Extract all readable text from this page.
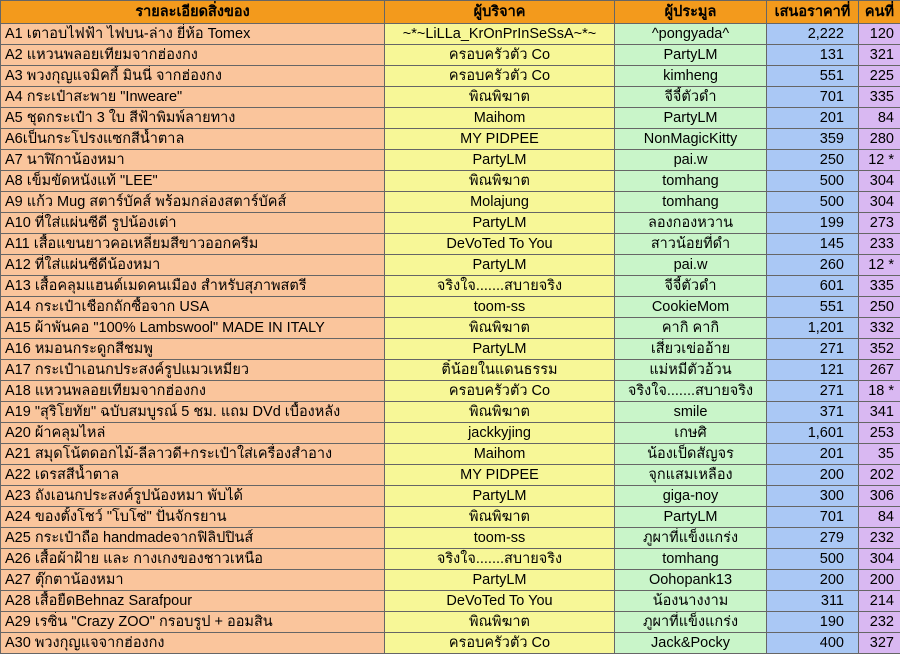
รายละเอียดสิ่งของ	ผู้บริจาค	ผู้ประมูล	เสนอราคาที่	คนที่
A1 เตาอบไฟฟ้า ไฟบน-ล่าง ยี่ห้อ Tomex	~*~LiLLa_KrOnPrInSeSsA~*~	^pongyada^	2,222	120
A2 แหวนพลอยเทียมจากฮ่องกง	ครอบครัวตัว Co	PartyLM	131	321
A3 พวงกุญแจมิคกี้ มินนี่ จากฮ่องกง	ครอบครัวตัว Co	kimheng	551	225
A4 กระเป๋าสะพาย "Inweare"	พิณพิฆาต	จีจี้ตัวดำ	701	335
A5 ชุดกระเป๋า 3 ใบ สีฟ้าพิมพ์ลายทาง	Maihom	PartyLM	201	84
A6เป็นกระโปรงแซกสีน้ำตาล	MY PIDPEE	NonMagicKitty	359	280
A7 นาฬิกาน้องหมา	PartyLM	pai.w	250	12 *
A8 เข็มขัดหนังแท้ "LEE"	พิณพิฆาต	tomhang	500	304
A9 แก้ว Mug สตาร์บัคส์ พร้อมกล่องสตาร์บัคส์	Molajung	tomhang	500	304
A10 ที่ใส่แผ่นซีดี รูปน้องเต่า	PartyLM	ลองกองหวาน	199	273
A11 เสื้อแขนยาวคอเหลี่ยมสีขาวออกครีม	DeVoTed To You	สาวน้อยที่ดำ	145	233
A12 ที่ใส่แผ่นซีดีน้องหมา	PartyLM	pai.w	260	12 *
A13 เสื้อคลุมแฮนด์เมดคนเมือง สำหรับสุภาพสตรี	จริงใจ.......สบายจริง	จีจี้ตัวดำ	601	335
A14 กระเป๋าเชือกถักซื้อจาก USA	toom-ss	CookieMom	551	250
A15 ผ้าพันคอ "100% Lambswool" MADE IN ITALY	พิณพิฆาต	คากิ คากิ	1,201	332
A16 หมอนกระดูกสีชมพู	PartyLM	เสี่ยวเข่ออ้าย	271	352
A17 กระเป๋าเอนกประสงค์รูปแมวเหมียว	ติ๋น้อยในแดนธรรม	แม่หมีตัวอ้วน	121	267
A18 แหวนพลอยเทียมจากฮ่องกง	ครอบครัวตัว Co	จริงใจ.......สบายจริง	271	18 *
A19 "สุริโยทัย" ฉบับสมบูรณ์ 5 ชม. แถม DVd เบื้องหลัง	พิณพิฆาต	smile	371	341
A20 ผ้าคลุมไหล่	jackkyjing	เกษศิ	1,601	253
A21 สมุดโน้ตดอกไม้-ลีลาวดี+กระเป๋าใส่เครื่องสำอาง	Maihom	น้องเป็ดสัญจร	201	35
A22 เดรสสีน้ำตาล	MY PIDPEE	จุกแสมเหลือง	200	202
A23 ถังเอนกประสงค์รูปน้องหมา พับได้	PartyLM	giga-noy	300	306
A24 ของตั้งโชว์ "โบโซ่" ปั่นจักรยาน	พิณพิฆาต	PartyLM	701	84
A25 กระเป๋าถือ handmadeจากฟิลิปปินส์	toom-ss	ภูผาที่แข็งแกร่ง	279	232
A26 เสื้อผ้าฝ้าย และ กางเกงของชาวเหนือ	จริงใจ.......สบายจริง	tomhang	500	304
A27 ตุ๊กตาน้องหมา	PartyLM	Oohopank13	200	200
A28 เสื้อยืดBehnaz Sarafpour	DeVoTed To You	น้องนางงาม	311	214
A29 เรซิ่น "Crazy ZOO" กรอบรูป + ออมสิน	พิณพิฆาต	ภูผาที่แข็งแกร่ง	190	232
A30 พวงกุญแจจากฮ่องกง	ครอบครัวตัว Co	Jack&Pocky	400	327
